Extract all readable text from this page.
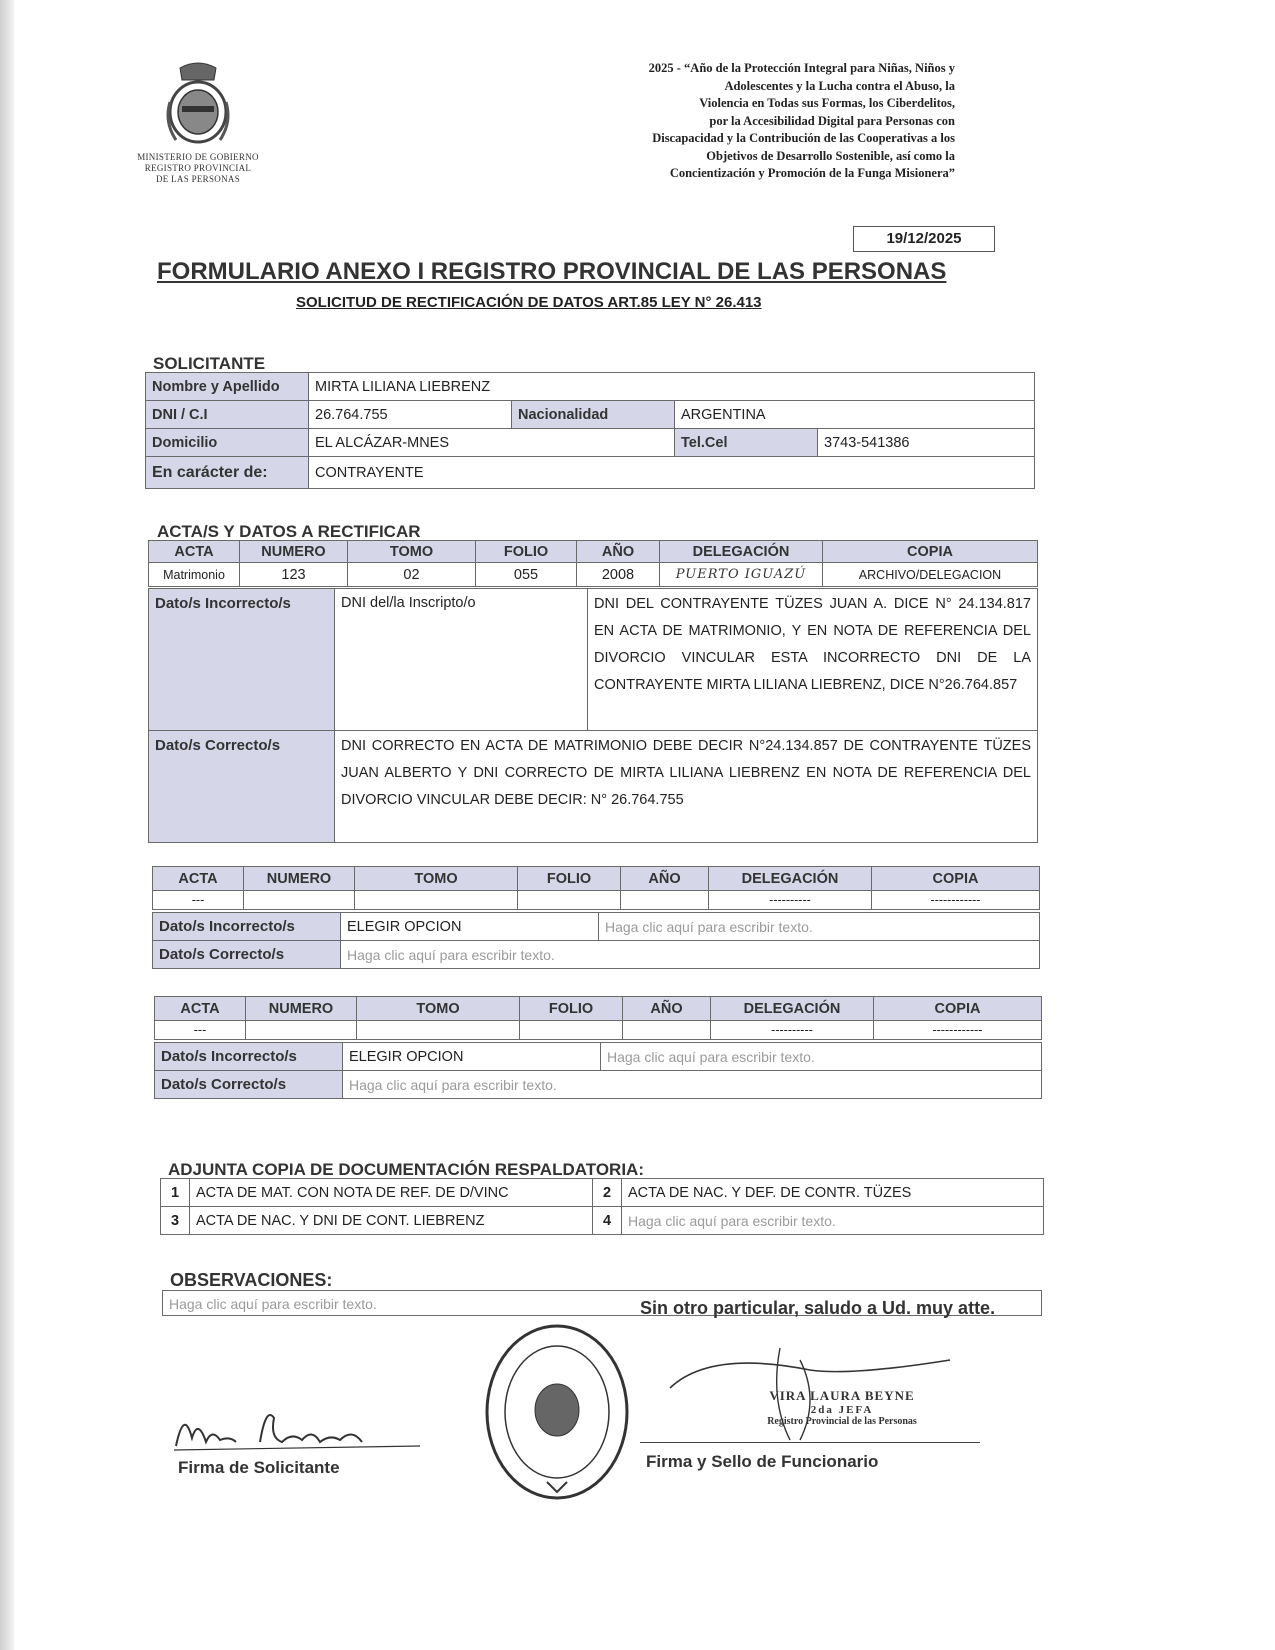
MINISTERIO DE GOBIERNO
REGISTRO PROVINCIAL
DE LAS PERSONAS
2025 - “Año de la Protección Integral para Niñas, Niños y
Adolescentes y la Lucha contra el Abuso, la
Violencia en Todas sus Formas, los Ciberdelitos,
por la Accesibilidad Digital para Personas con
Discapacidad y la Contribución de las Cooperativas a los
Objetivos de Desarrollo Sostenible, así como la
Concientización y Promoción de la Funga Misionera”
19/12/2025
FORMULARIO ANEXO I REGISTRO PROVINCIAL DE LAS PERSONAS
SOLICITUD DE RECTIFICACIÓN DE DATOS ART.85 LEY N° 26.413
SOLICITANTE
Nombre y Apellido	MIRTA LILIANA LIEBRENZ			
DNI / C.I	26.764.755	Nacionalidad	ARGENTINA	
Domicilio	EL ALCÁZAR-MNES		Tel.Cel	3743-541386
En carácter de:	CONTRAYENTE			
ACTA/S Y DATOS A RECTIFICAR
ACTA	NUMERO	TOMO	FOLIO	AÑO	DELEGACIÓN	COPIA
Matrimonio	123	02	055	2008	PUERTO IGUAZÚ	ARCHIVO/DELEGACION
Dato/s Incorrecto/s	DNI del/la Inscripto/o	DNI DEL CONTRAYENTE TÜZES JUAN A. DICE N° 24.134.817 EN ACTA DE MATRIMONIO, Y EN NOTA DE REFERENCIA DEL DIVORCIO VINCULAR ESTA INCORRECTO DNI DE LA CONTRAYENTE MIRTA LILIANA LIEBRENZ, DICE N°26.764.857
Dato/s Correcto/s	DNI CORRECTO EN ACTA DE MATRIMONIO DEBE DECIR N°24.134.857 DE CONTRAYENTE TÜZES JUAN ALBERTO Y DNI CORRECTO DE MIRTA LILIANA LIEBRENZ EN NOTA DE REFERENCIA DEL DIVORCIO VINCULAR DEBE DECIR: N° 26.764.755	
ACTA	NUMERO	TOMO	FOLIO	AÑO	DELEGACIÓN	COPIA
---					----------	------------
Dato/s Incorrecto/s	ELEGIR OPCION	Haga clic aquí para escribir texto.
Dato/s Correcto/s	Haga clic aquí para escribir texto.	
ACTA	NUMERO	TOMO	FOLIO	AÑO	DELEGACIÓN	COPIA
---					----------	------------
Dato/s Incorrecto/s	ELEGIR OPCION	Haga clic aquí para escribir texto.
Dato/s Correcto/s	Haga clic aquí para escribir texto.	
ADJUNTA COPIA DE DOCUMENTACIÓN RESPALDATORIA:
1	ACTA DE MAT. CON NOTA DE REF. DE D/VINC	2	ACTA DE NAC. Y DEF. DE CONTR. TÜZES
3	ACTA DE NAC. Y DNI DE CONT. LIEBRENZ	4	Haga clic aquí para escribir texto.
OBSERVACIONES:
Haga clic aquí para escribir texto.	Sin otro particular, saludo a Ud. muy atte.
Firma de Solicitante
VIRA LAURA BEYNE
2da JEFA
Registro Provincial de las Personas
Firma y Sello de Funcionario
